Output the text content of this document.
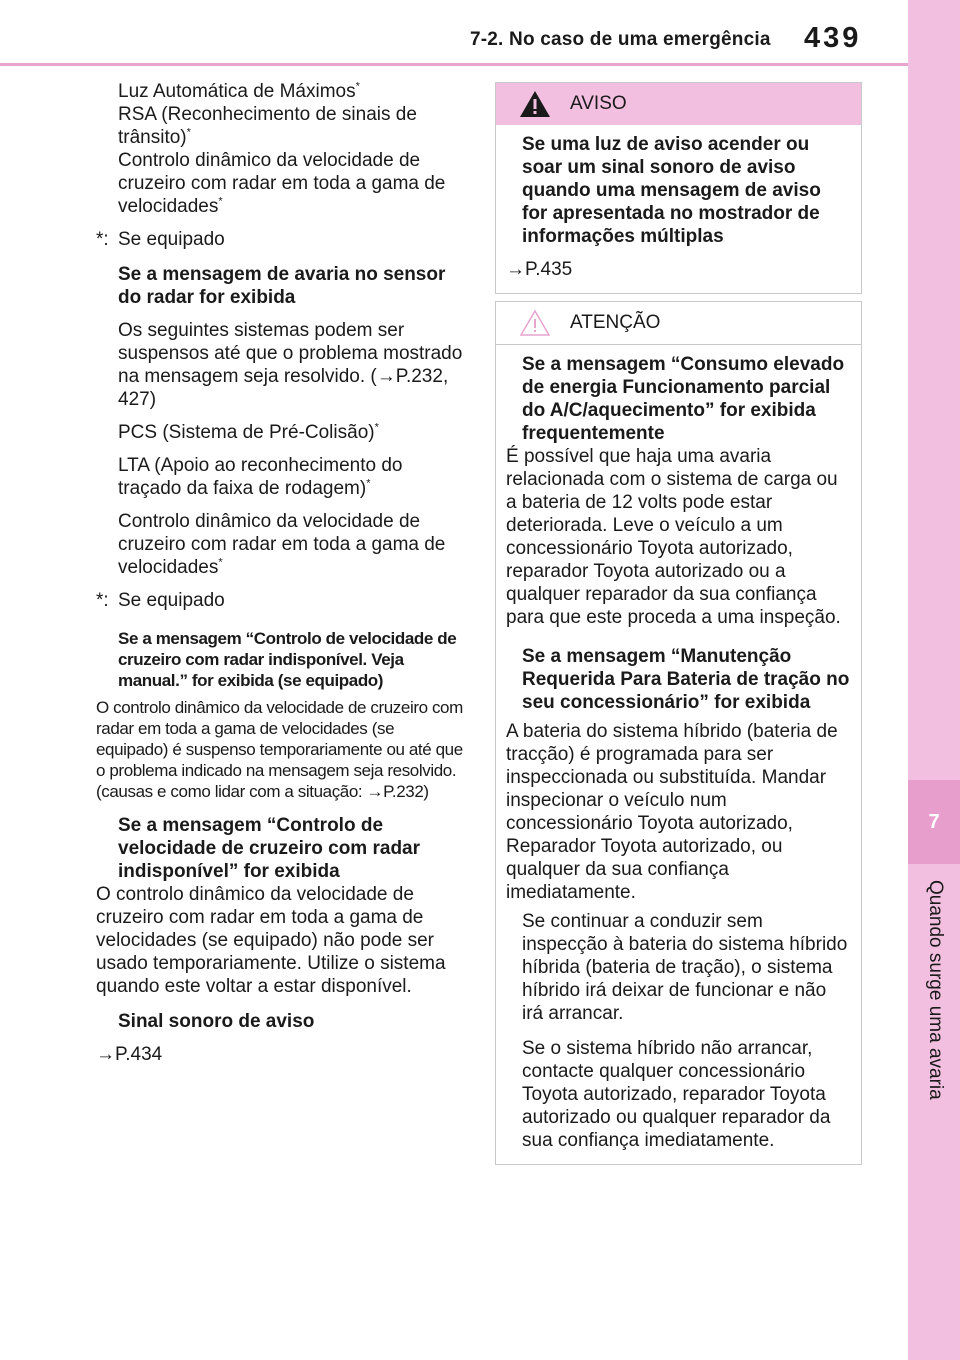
7-2. No caso de uma emergência	439
7
Quando surge uma avaria

Luz Automática de Máximos*

RSA (Reconhecimento de sinais de trânsito)*

Controlo dinâmico da velocidade de cruzeiro com radar em toda a gama de velocidades*

*: Se equipado

Se a mensagem de avaria no sensor do radar for exibida

Os seguintes sistemas podem ser suspensos até que o problema mostrado na mensagem seja resolvido. (→P.232, 427)

PCS (Sistema de Pré-Colisão)*

LTA (Apoio ao reconhecimento do traçado da faixa de rodagem)*

Controlo dinâmico da velocidade de cruzeiro com radar em toda a gama de velocidades*

*: Se equipado

Se a mensagem “Controlo de velocidade de cruzeiro com radar indisponível. Veja manual.” for exibida (se equipado)

O controlo dinâmico da velocidade de cruzeiro com radar em toda a gama de velocidades (se equipado) é suspenso temporariamente ou até que o problema indicado na mensagem seja resolvido. (causas e como lidar com a situação: →P.232)

Se a mensagem “Controlo de velocidade de cruzeiro com radar indisponível” for exibida

O controlo dinâmico da velocidade de cruzeiro com radar em toda a gama de velocidades (se equipado) não pode ser usado temporariamente. Utilize o sistema quando este voltar a estar disponível.

Sinal sonoro de aviso

→P.434

AVISO

Se uma luz de aviso acender ou soar um sinal sonoro de aviso quando uma mensagem de aviso for apresentada no mostrador de informações múltiplas

→P.435

ATENÇÃO

Se a mensagem “Consumo elevado de energia Funcionamento parcial do A/C/aquecimento” for exibida frequentemente

É possível que haja uma avaria relacionada com o sistema de carga ou a bateria de 12 volts pode estar deteriorada. Leve o veículo a um concessionário Toyota autorizado, reparador Toyota autorizado ou a qualquer reparador da sua confiança para que este proceda a uma inspeção.

Se a mensagem “Manutenção Requerida Para Bateria de tração no seu concessionário” for exibida

A bateria do sistema híbrido (bateria de tracção) é programada para ser inspeccionada ou substituída. Mandar inspecionar o veículo num concessionário Toyota autorizado, Reparador Toyota autorizado, ou qualquer da sua confiança imediatamente.

Se continuar a conduzir sem inspecção à bateria do sistema híbrido híbrida (bateria de tração), o sistema híbrido irá deixar de funcionar e não irá arrancar.

Se o sistema híbrido não arrancar, contacte qualquer concessionário Toyota autorizado, reparador Toyota autorizado ou qualquer reparador da sua confiança imediatamente.
